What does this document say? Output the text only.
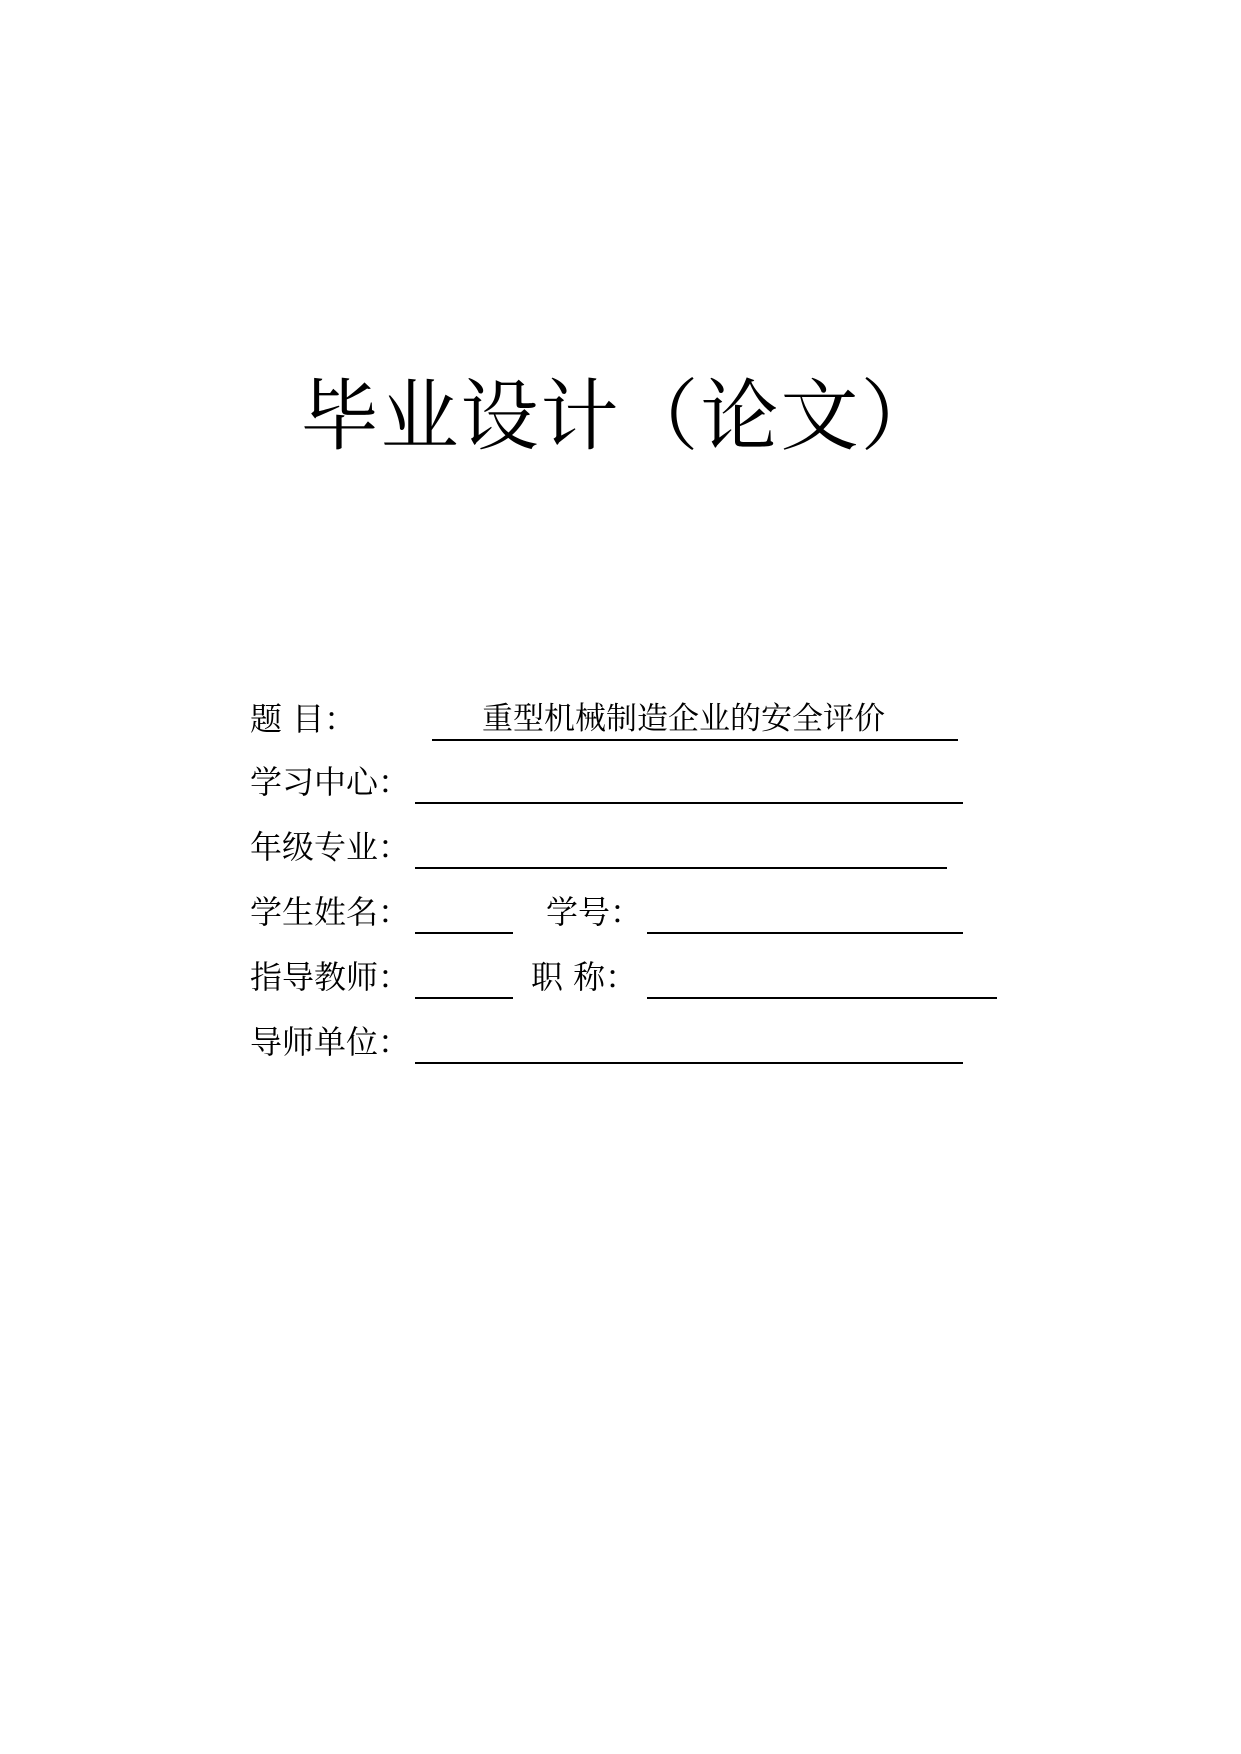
毕业设计（论文）
题 目：	重型机械制造企业的安全评价
学习中心：
年级专业：
学生姓名：	学号：
指导教师：	职 称：
导师单位：
